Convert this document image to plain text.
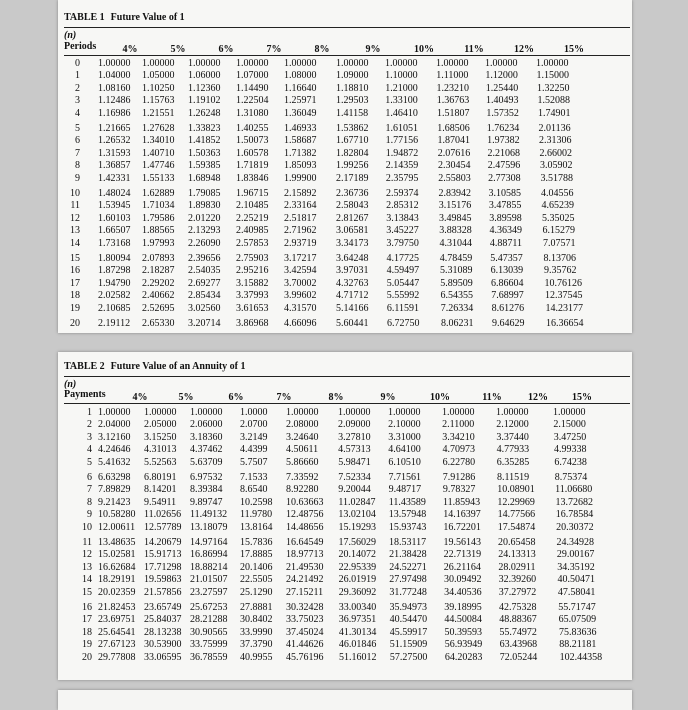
TABLE 1 Future Value of 1
(n)
Periods	4%	5%	6%	7%	8%	9%	10%	11%	12%	15%
0 1.00000 1.00000 1.00000 1.00000 1.00000 1.00000 1.00000 1.00000 1.00000 1.00000
1 1.04000 1.05000 1.06000 1.07000 1.08000 1.09000 1.10000 1.11000 1.12000 1.15000
2 1.08160 1.10250 1.12360 1.14490 1.16640 1.18810 1.21000 1.23210 1.25440 1.32250
3 1.12486 1.15763 1.19102 1.22504 1.25971 1.29503 1.33100 1.36763 1.40493 1.52088
4 1.16986 1.21551 1.26248 1.31080 1.36049 1.41158 1.46410 1.51807 1.57352 1.74901
5 1.21665 1.27628 1.33823 1.40255 1.46933 1.53862 1.61051 1.68506 1.76234 2.01136
6 1.26532 1.34010 1.41852 1.50073 1.58687 1.67710 1.77156 1.87041 1.97382 2.31306
7 1.31593 1.40710 1.50363 1.60578 1.71382 1.82804 1.94872 2.07616 2.21068 2.66002
8 1.36857 1.47746 1.59385 1.71819 1.85093 1.99256 2.14359 2.30454 2.47596 3.05902
9 1.42331 1.55133 1.68948 1.83846 1.99900 2.17189 2.35795 2.55803 2.77308 3.51788
10 1.48024 1.62889 1.79085 1.96715 2.15892 2.36736 2.59374 2.83942 3.10585 4.04556
11 1.53945 1.71034 1.89830 2.10485 2.33164 2.58043 2.85312 3.15176 3.47855 4.65239
12 1.60103 1.79586 2.01220 2.25219 2.51817 2.81267 3.13843 3.49845 3.89598 5.35025
13 1.66507 1.88565 2.13293 2.40985 2.71962 3.06581 3.45227 3.88328 4.36349 6.15279
14 1.73168 1.97993 2.26090 2.57853 2.93719 3.34173 3.79750 4.31044 4.88711 7.07571
15 1.80094 2.07893 2.39656 2.75903 3.17217 3.64248 4.17725 4.78459 5.47357 8.13706
16 1.87298 2.18287 2.54035 2.95216 3.42594 3.97031 4.59497 5.31089 6.13039 9.35762
17 1.94790 2.29202 2.69277 3.15882 3.70002 4.32763 5.05447 5.89509 6.86604 10.76126
18 2.02582 2.40662 2.85434 3.37993 3.99602 4.71712 5.55992 6.54355 7.68997 12.37545
19 2.10685 2.52695 3.02560 3.61653 4.31570 5.14166 6.11591 7.26334 8.61276 14.23177
20 2.19112 2.65330 3.20714 3.86968 4.66096 5.60441 6.72750 8.06231 9.64629 16.36654
TABLE 2 Future Value of an Annuity of 1
(n)
Payments	4%	5%	6%	7%	8%	9%	10%	11%	12%	15%
1 1.00000 1.00000 1.00000 1.0000 1.00000 1.00000 1.00000 1.00000 1.00000 1.00000
2 2.04000 2.05000 2.06000 2.0700 2.08000 2.09000 2.10000 2.11000 2.12000 2.15000
3 3.12160 3.15250 3.18360 3.2149 3.24640 3.27810 3.31000 3.34210 3.37440 3.47250
4 4.24646 4.31013 4.37462 4.4399 4.50611 4.57313 4.64100 4.70973 4.77933 4.99338
5 5.41632 5.52563 5.63709 5.7507 5.86660 5.98471 6.10510 6.22780 6.35285	6.74238
6 6.63298 6.80191 6.97532 7.1533 7.33592 7.52334 7.71561 7.91286 8.11519	8.75374
7 7.89829 8.14201 8.39384 8.6540 8.92280 9.20044 9.48717 9.78327 10.08901 11.06680
8 9.21423 9.54911 9.89747 10.2598 10.63663 11.02847 11.43589 11.85943 12.29969 13.72682
9 10.58280 11.02656 11.49132 11.9780 12.48756 13.02104 13.57948 14.16397 14.77566 16.78584
10 12.00611 12.57789 13.18079 13.8164 14.48656 15.19293 15.93743 16.72201 17.54874 20.30372
11 13.48635 14.20679 14.97164 15.7836 16.64549 17.56029 18.53117 19.56143 20.65458 24.34928
12 15.02581 15.91713 16.86994 17.8885 18.97713 20.14072 21.38428 22.71319 24.13313 29.00167
13 16.62684 17.71298 18.88214 20.1406 21.49530 22.95339 24.52271 26.21164 28.02911 34.35192
14 18.29191 19.59863 21.01507 22.5505 24.21492 26.01919 27.97498 30.09492 32.39260 40.50471
15 20.02359 21.57856 23.27597 25.1290 27.15211 29.36092 31.77248 34.40536 37.27972 47.58041
16 21.82453 23.65749 25.67253 27.8881 30.32428 33.00340 35.94973 39.18995 42.75328 55.71747
17 23.69751 25.84037 28.21288 30.8402 33.75023 36.97351 40.54470 44.50084 48.88367 65.07509
18 25.64541 28.13238 30.90565 33.9990 37.45024 41.30134 45.59917 50.39593 55.74972 75.83636
19 27.67123 30.53900 33.75999 37.3790 41.44626 46.01846 51.15909 56.93949 63.43968 88.21181
20 29.77808 33.06595 36.78559 40.9955 45.76196 51.16012 57.27500 64.20283 72.05244 102.44358
